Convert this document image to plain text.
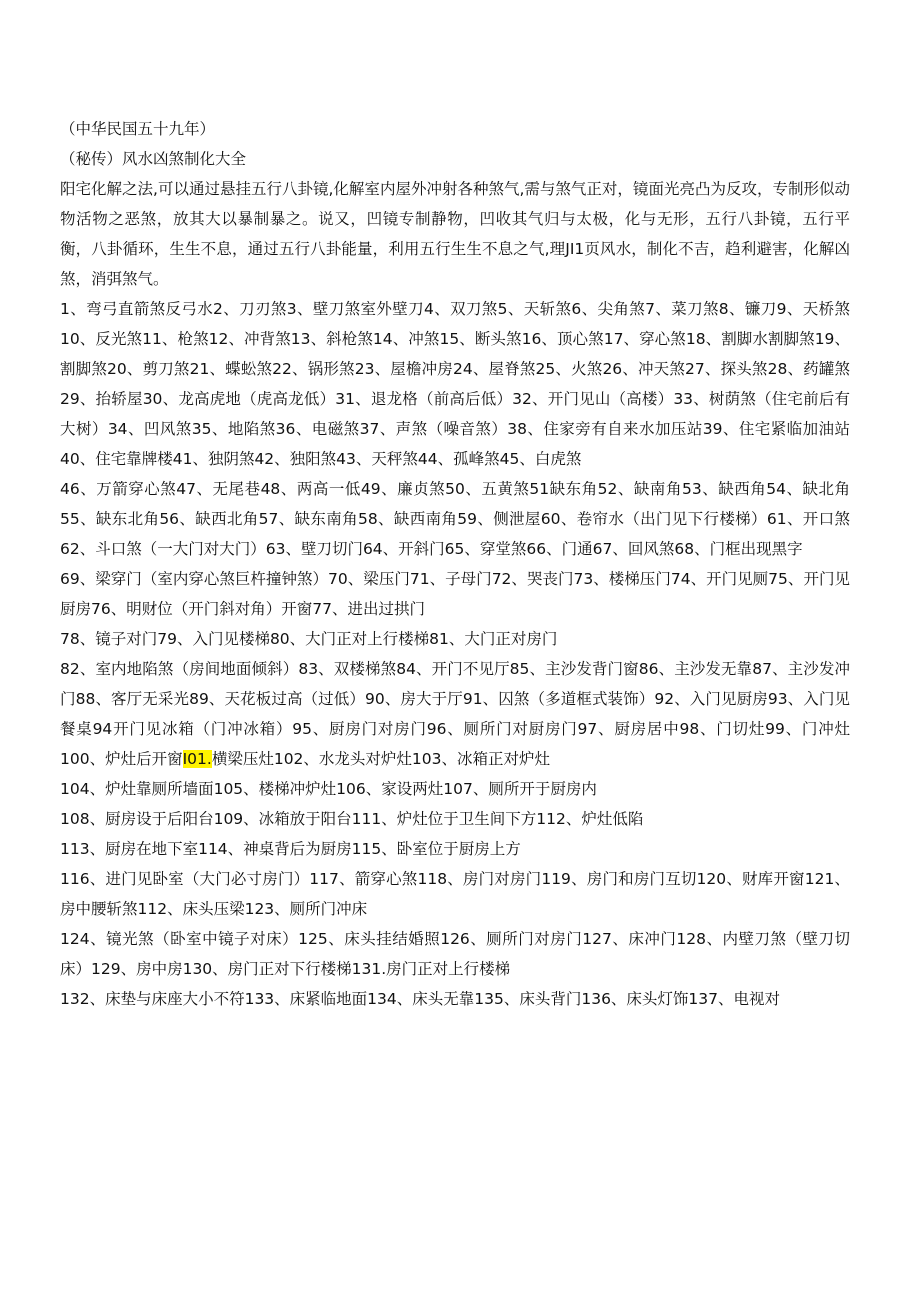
（中华民国五十九年）

（秘传）风水凶煞制化大全

阳宅化解之法,可以通过悬挂五行八卦镜,化解室内屋外冲射各种煞气,需与煞气正对，镜面光亮凸为反攻，专制形似动物活物之恶煞，放其大以暴制暴之。说又，凹镜专制静物，凹收其气归与太极，化与无形，五行八卦镜，五行平衡，八卦循环，生生不息，通过五行八卦能量，利用五行生生不息之气,理JI1页风水，制化不吉，趋利避害，化解凶煞，消弭煞气。

1、弯弓直箭煞反弓水2、刀刃煞3、壁刀煞室外壁刀4、双刀煞5、天斩煞6、尖角煞7、菜刀煞8、镰刀9、天桥煞10、反光煞11、枪煞12、冲背煞13、斜枪煞14、冲煞15、断头煞16、顶心煞17、穿心煞18、割脚水割脚煞19、割脚煞20、剪刀煞21、蝶蚣煞22、锅形煞23、屋檐冲房24、屋脊煞25、火煞26、冲天煞27、探头煞28、药罐煞29、抬轿屋30、龙高虎地（虎高龙低）31、退龙格（前高后低）32、开门见山（高楼）33、树荫煞（住宅前后有大树）34、凹风煞35、地陷煞36、电磁煞37、声煞（噪音煞）38、住家旁有自来水加压站39、住宅紧临加油站40、住宅靠牌楼41、独阴煞42、独阳煞43、天秤煞44、孤峰煞45、白虎煞

46、万箭穿心煞47、无尾巷48、两高一低49、廉贞煞50、五黄煞51缺东角52、缺南角53、缺西角54、缺北角55、缺东北角56、缺西北角57、缺东南角58、缺西南角59、侧泄屋60、卷帘水（出门见下行楼梯）61、开口煞62、斗口煞（一大门对大门）63、壁刀切门64、开斜门65、穿堂煞66、门通67、回风煞68、门框出现黑字

69、梁穿门（室内穿心煞巨杵撞钟煞）70、梁压门71、子母门72、哭丧门73、楼梯压门74、开门见厕75、开门见厨房76、明财位（开门斜对角）开窗77、进出过拱门

78、镜子对门79、入门见楼梯80、大门正对上行楼梯81、大门正对房门

82、室内地陷煞（房间地面倾斜）83、双楼梯煞84、开门不见厅85、主沙发背门窗86、主沙发无靠87、主沙发冲门88、客厅无采光89、天花板过高（过低）90、房大于厅91、囚煞（多道框式装饰）92、入门见厨房93、入门见餐桌94开门见冰箱（门冲冰箱）95、厨房门对房门96、厕所门对厨房门97、厨房居中98、门切灶99、门冲灶100、炉灶后开窗I01.横梁压灶102、水龙头对炉灶103、冰箱正对炉灶

104、炉灶靠厕所墙面105、楼梯冲炉灶106、家设两灶107、厕所开于厨房内

108、厨房设于后阳台109、冰箱放于阳台111、炉灶位于卫生间下方112、炉灶低陷

113、厨房在地下室114、神桌背后为厨房115、卧室位于厨房上方

116、进门见卧室（大门必寸房门）117、箭穿心煞118、房门对房门119、房门和房门互切120、财库开窗121、房中腰斩煞112、床头压梁123、厕所门冲床

124、镜光煞（卧室中镜子对床）125、床头挂结婚照126、厕所门对房门127、床冲门128、内壁刀煞（壁刀切床）129、房中房130、房门正对下行楼梯131.房门正对上行楼梯

132、床垫与床座大小不符133、床紧临地面134、床头无靠135、床头背门136、床头灯饰137、电视对
